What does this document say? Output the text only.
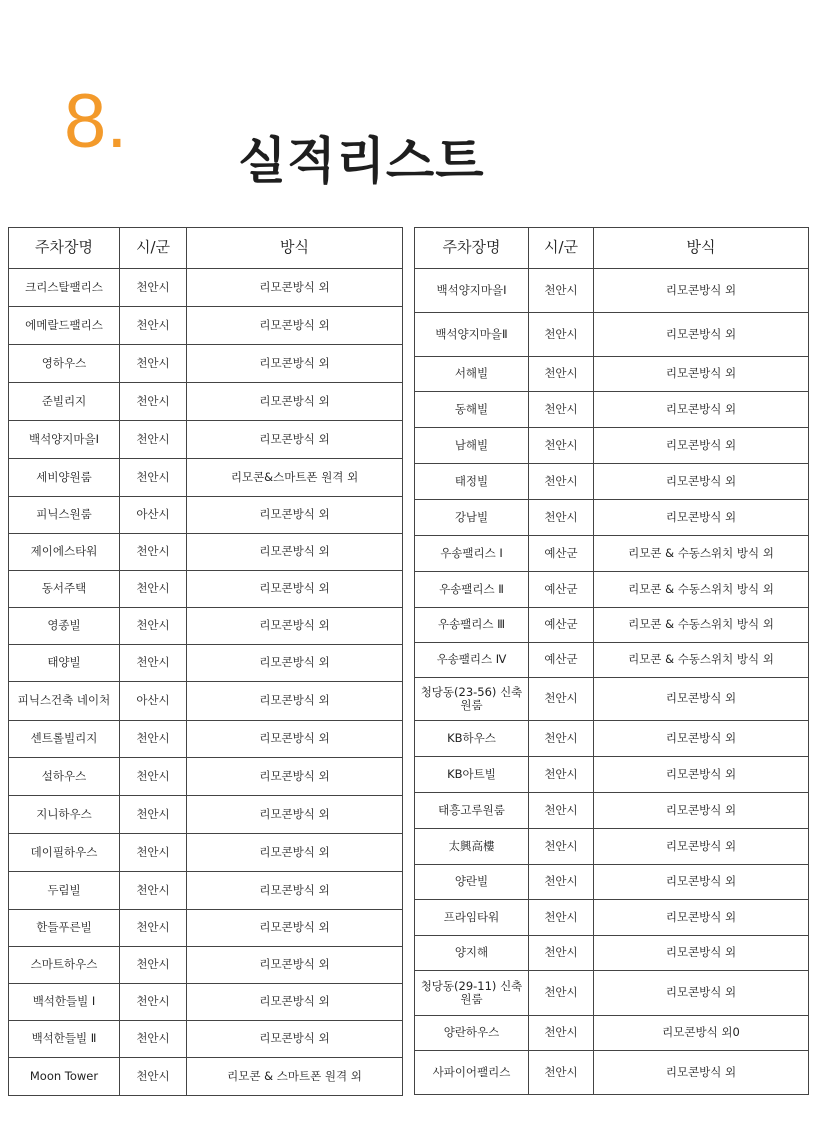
8. 실적리스트
주차장명	시/군	방식
크리스탈팰리스	천안시	리모콘방식 외
에메랄드팰리스	천안시	리모콘방식 외
영하우스	천안시	리모콘방식 외
준빌리지	천안시	리모콘방식 외
백석양지마을Ⅰ	천안시	리모콘방식 외
세비양원룸	천안시	리모콘&스마트폰 원격 외
피닉스원룸	아산시	리모콘방식 외
제이에스타워	천안시	리모콘방식 외
동서주택	천안시	리모콘방식 외
영종빌	천안시	리모콘방식 외
태양빌	천안시	리모콘방식 외
피닉스건축 네이처	아산시	리모콘방식 외
센트롤빌리지	천안시	리모콘방식 외
설하우스	천안시	리모콘방식 외
지니하우스	천안시	리모콘방식 외
데이필하우스	천안시	리모콘방식 외
두림빌	천안시	리모콘방식 외
한들푸른빌	천안시	리모콘방식 외
스마트하우스	천안시	리모콘방식 외
백석한들빌 Ⅰ	천안시	리모콘방식 외
백석한들빌 Ⅱ	천안시	리모콘방식 외
Moon Tower	천안시	리모콘 & 스마트폰 원격 외
주차장명	시/군	방식
백석양지마을Ⅰ	천안시	리모콘방식 외
백석양지마을Ⅱ	천안시	리모콘방식 외
서해빌	천안시	리모콘방식 외
동해빌	천안시	리모콘방식 외
남해빌	천안시	리모콘방식 외
태정빌	천안시	리모콘방식 외
강남빌	천안시	리모콘방식 외
우송팰리스 Ⅰ	예산군	리모콘 & 수동스위치 방식 외
우송팰리스 Ⅱ	예산군	리모콘 & 수동스위치 방식 외
우송팰리스 Ⅲ	예산군	리모콘 & 수동스위치 방식 외
우송팰리스 Ⅳ	예산군	리모콘 & 수동스위치 방식 외
청당동(23-56) 신축원룸	천안시	리모콘방식 외
KB하우스	천안시	리모콘방식 외
KB아트빌	천안시	리모콘방식 외
태흥고루원룸	천안시	리모콘방식 외
太興高樓	천안시	리모콘방식 외
양란빌	천안시	리모콘방식 외
프라임타워	천안시	리모콘방식 외
양지해	천안시	리모콘방식 외
청당동(29-11) 신축원룸	천안시	리모콘방식 외
양란하우스	천안시	리모콘방식 외0
사파이어팰리스	천안시	리모콘방식 외
